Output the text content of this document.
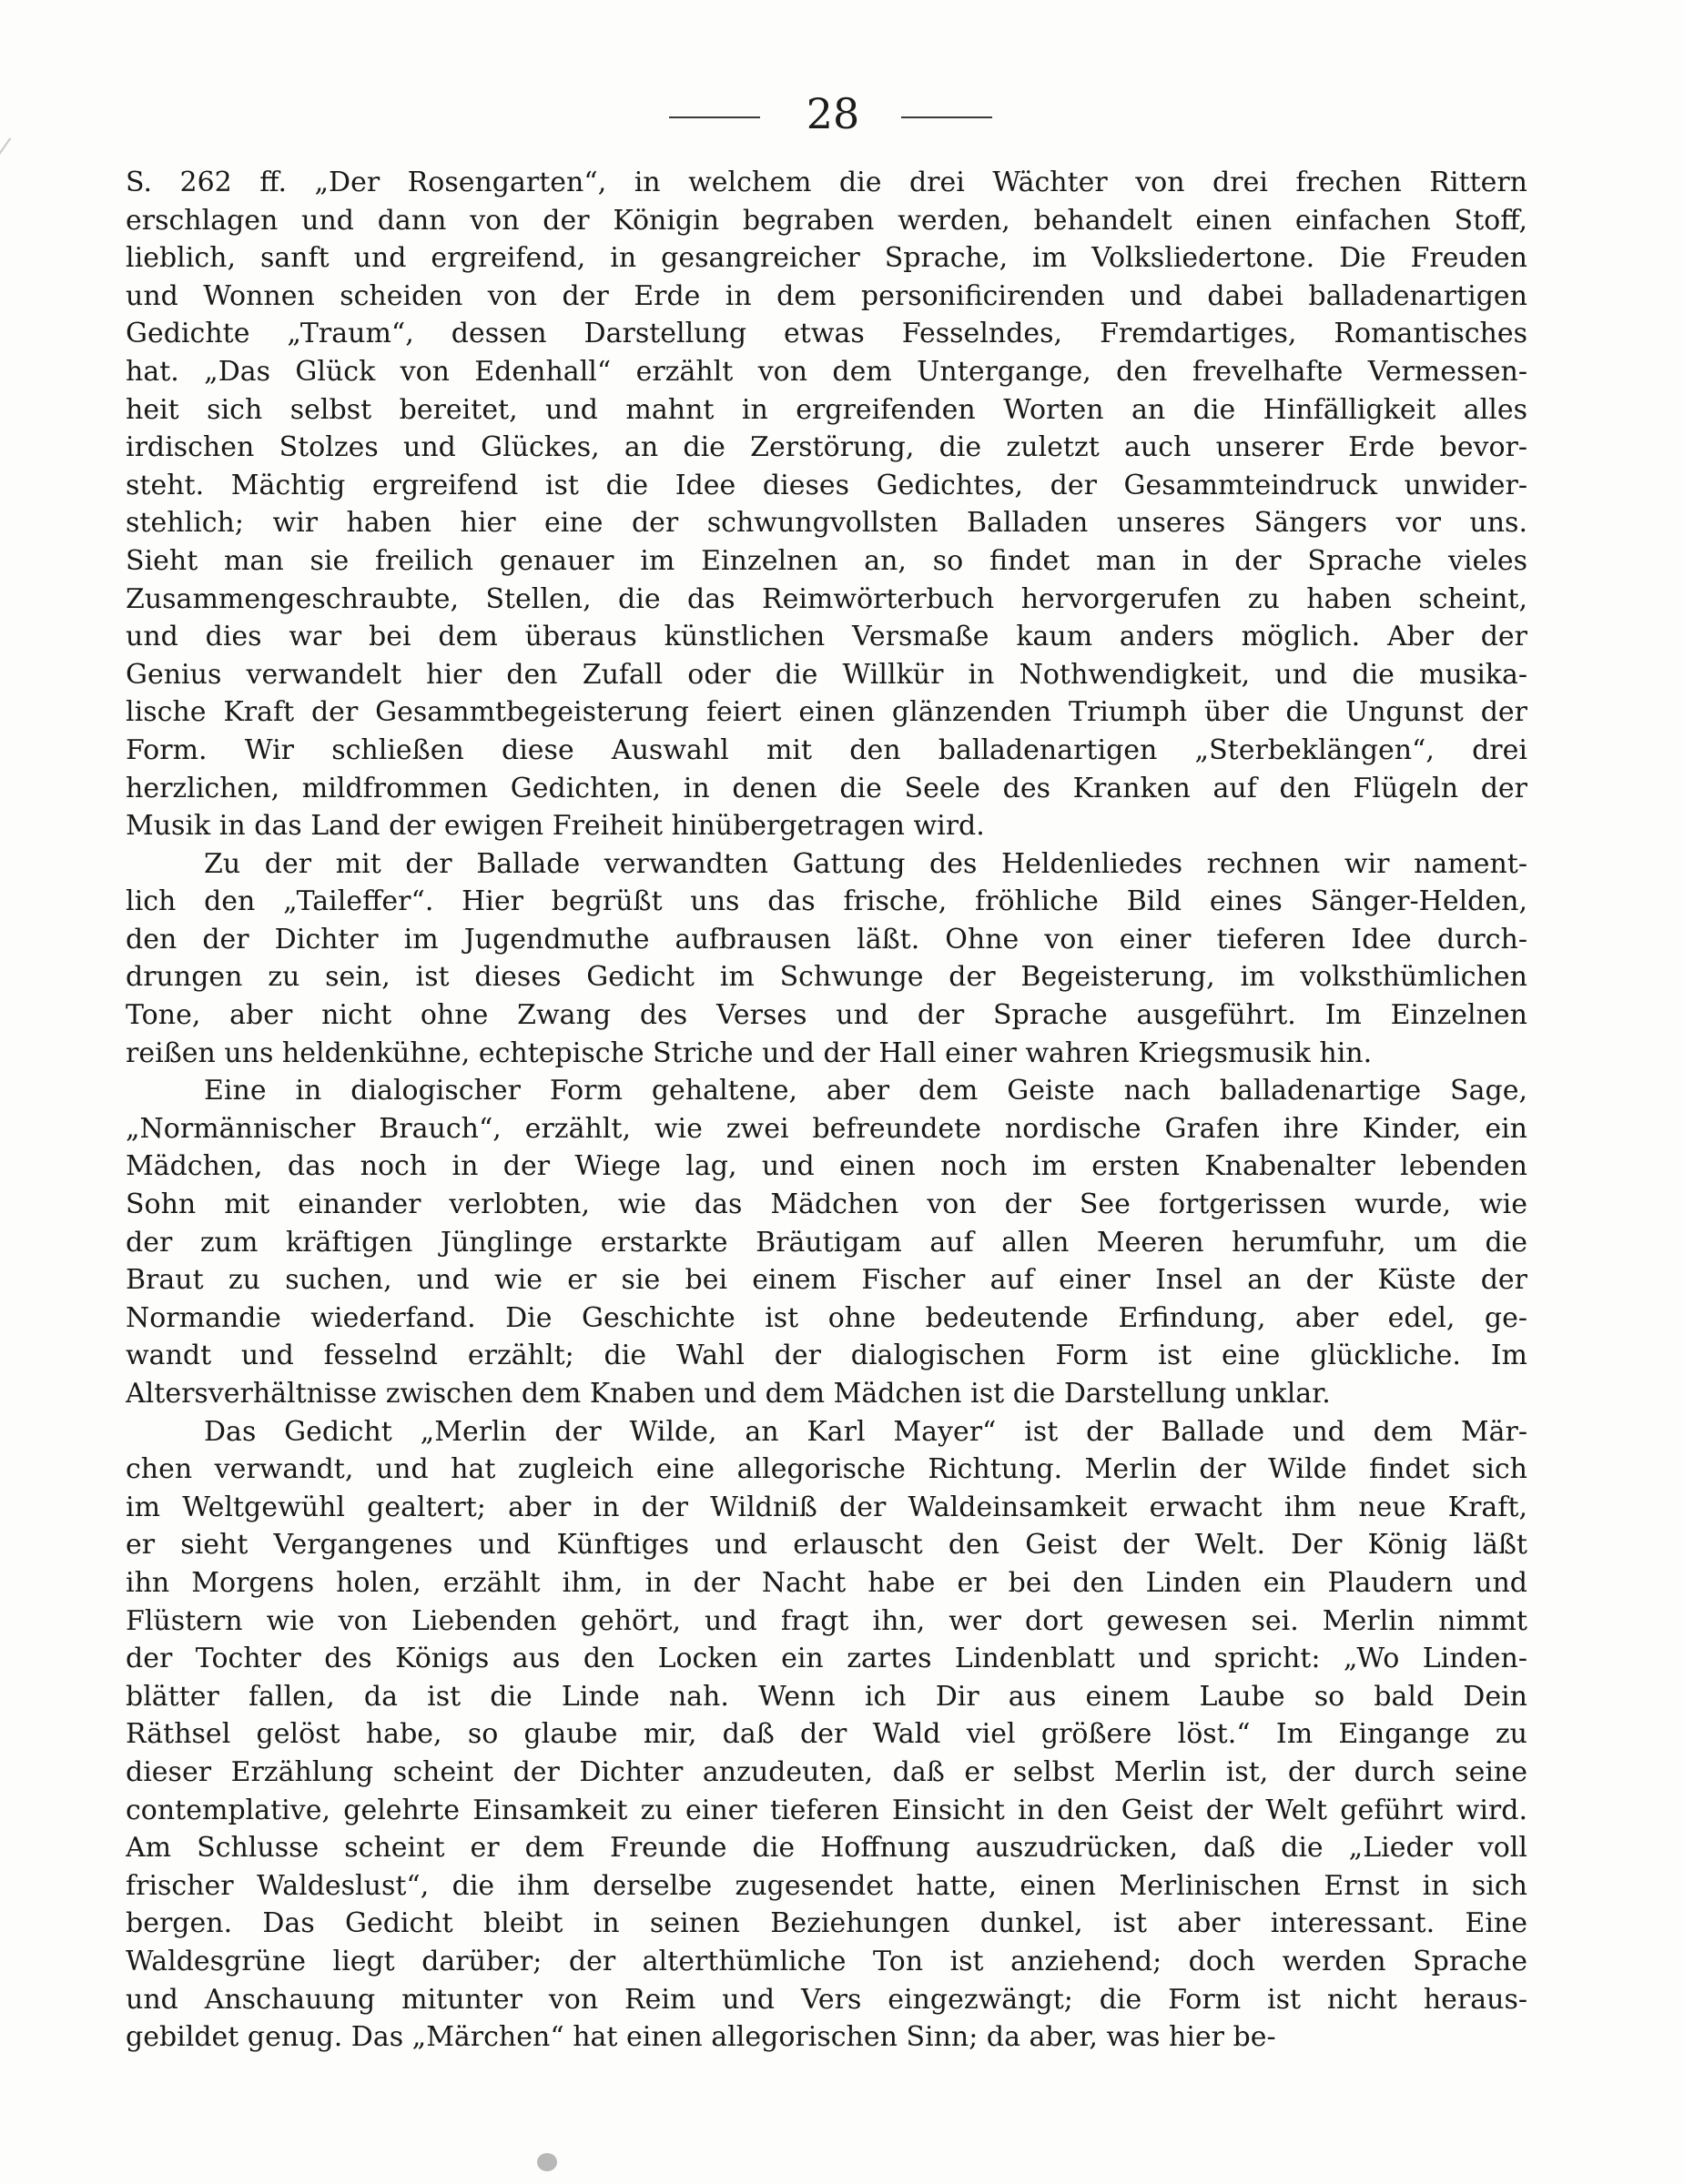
28
S. 262 ff. „Der Rosengarten“, in welchem die drei Wächter von drei frechen Rittern
erschlagen und dann von der Königin begraben werden, behandelt einen einfachen Stoff,
lieblich, sanft und ergreifend, in gesangreicher Sprache, im Volksliedertone. Die Freuden
und Wonnen scheiden von der Erde in dem personificirenden und dabei balladenartigen
Gedichte „Traum“, dessen Darstellung etwas Fesselndes, Fremdartiges, Romantisches
hat. „Das Glück von Edenhall“ erzählt von dem Untergange, den frevelhafte Vermessen-
heit sich selbst bereitet, und mahnt in ergreifenden Worten an die Hinfälligkeit alles
irdischen Stolzes und Glückes, an die Zerstörung, die zuletzt auch unserer Erde bevor-
steht. Mächtig ergreifend ist die Idee dieses Gedichtes, der Gesammteindruck unwider-
stehlich; wir haben hier eine der schwungvollsten Balladen unseres Sängers vor uns.
Sieht man sie freilich genauer im Einzelnen an, so findet man in der Sprache vieles
Zusammengeschraubte, Stellen, die das Reimwörterbuch hervorgerufen zu haben scheint,
und dies war bei dem überaus künstlichen Versmaße kaum anders möglich. Aber der
Genius verwandelt hier den Zufall oder die Willkür in Nothwendigkeit, und die musika-
lische Kraft der Gesammtbegeisterung feiert einen glänzenden Triumph über die Ungunst der
Form. Wir schließen diese Auswahl mit den balladenartigen „Sterbeklängen“, drei
herzlichen, mildfrommen Gedichten, in denen die Seele des Kranken auf den Flügeln der
Musik in das Land der ewigen Freiheit hinübergetragen wird.
Zu der mit der Ballade verwandten Gattung des Heldenliedes rechnen wir nament-
lich den „Taileffer“. Hier begrüßt uns das frische, fröhliche Bild eines Sänger-Helden,
den der Dichter im Jugendmuthe aufbrausen läßt. Ohne von einer tieferen Idee durch-
drungen zu sein, ist dieses Gedicht im Schwunge der Begeisterung, im volksthümlichen
Tone, aber nicht ohne Zwang des Verses und der Sprache ausgeführt. Im Einzelnen
reißen uns heldenkühne, echtepische Striche und der Hall einer wahren Kriegsmusik hin.
Eine in dialogischer Form gehaltene, aber dem Geiste nach balladenartige Sage,
„Normännischer Brauch“, erzählt, wie zwei befreundete nordische Grafen ihre Kinder, ein
Mädchen, das noch in der Wiege lag, und einen noch im ersten Knabenalter lebenden
Sohn mit einander verlobten, wie das Mädchen von der See fortgerissen wurde, wie
der zum kräftigen Jünglinge erstarkte Bräutigam auf allen Meeren herumfuhr, um die
Braut zu suchen, und wie er sie bei einem Fischer auf einer Insel an der Küste der
Normandie wiederfand. Die Geschichte ist ohne bedeutende Erfindung, aber edel, ge-
wandt und fesselnd erzählt; die Wahl der dialogischen Form ist eine glückliche. Im
Altersverhältnisse zwischen dem Knaben und dem Mädchen ist die Darstellung unklar.
Das Gedicht „Merlin der Wilde, an Karl Mayer“ ist der Ballade und dem Mär-
chen verwandt, und hat zugleich eine allegorische Richtung. Merlin der Wilde findet sich
im Weltgewühl gealtert; aber in der Wildniß der Waldeinsamkeit erwacht ihm neue Kraft,
er sieht Vergangenes und Künftiges und erlauscht den Geist der Welt. Der König läßt
ihn Morgens holen, erzählt ihm, in der Nacht habe er bei den Linden ein Plaudern und
Flüstern wie von Liebenden gehört, und fragt ihn, wer dort gewesen sei. Merlin nimmt
der Tochter des Königs aus den Locken ein zartes Lindenblatt und spricht: „Wo Linden-
blätter fallen, da ist die Linde nah. Wenn ich Dir aus einem Laube so bald Dein
Räthsel gelöst habe, so glaube mir, daß der Wald viel größere löst.“ Im Eingange zu
dieser Erzählung scheint der Dichter anzudeuten, daß er selbst Merlin ist, der durch seine
contemplative, gelehrte Einsamkeit zu einer tieferen Einsicht in den Geist der Welt geführt wird.
Am Schlusse scheint er dem Freunde die Hoffnung auszudrücken, daß die „Lieder voll
frischer Waldeslust“, die ihm derselbe zugesendet hatte, einen Merlinischen Ernst in sich
bergen. Das Gedicht bleibt in seinen Beziehungen dunkel, ist aber interessant. Eine
Waldesgrüne liegt darüber; der alterthümliche Ton ist anziehend; doch werden Sprache
und Anschauung mitunter von Reim und Vers eingezwängt; die Form ist nicht heraus-
gebildet genug. Das „Märchen“ hat einen allegorischen Sinn; da aber, was hier be-
